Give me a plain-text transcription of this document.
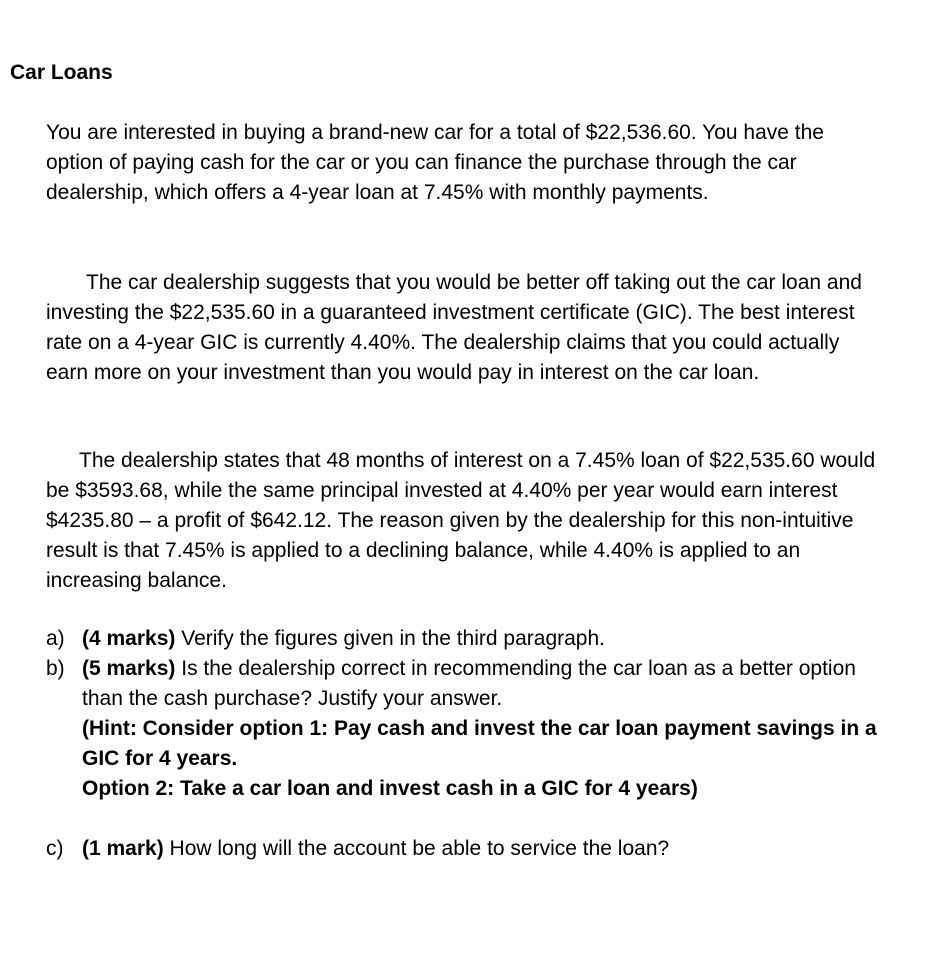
Car Loans

You are interested in buying a brand-new car for a total of $22,536.60. You have the option of paying cash for the car or you can finance the purchase through the car dealership, which offers a 4-year loan at 7.45% with monthly payments.

The car dealership suggests that you would be better off taking out the car loan and investing the $22,535.60 in a guaranteed investment certificate (GIC). The best interest rate on a 4-year GIC is currently 4.40%. The dealership claims that you could actually earn more on your investment than you would pay in interest on the car loan.

The dealership states that 48 months of interest on a 7.45% loan of $22,535.60 would be $3593.68, while the same principal invested at 4.40% per year would earn interest $4235.80 – a profit of $642.12. The reason given by the dealership for this non-intuitive result is that 7.45% is applied to a declining balance, while 4.40% is applied to an increasing balance.

a) (4 marks) Verify the figures given in the third paragraph.
b) (5 marks) Is the dealership correct in recommending the car loan as a better option than the cash purchase? Justify your answer.
(Hint: Consider option 1: Pay cash and invest the car loan payment savings in a GIC for 4 years.
Option 2: Take a car loan and invest cash in a GIC for 4 years)
c) (1 mark) How long will the account be able to service the loan?
